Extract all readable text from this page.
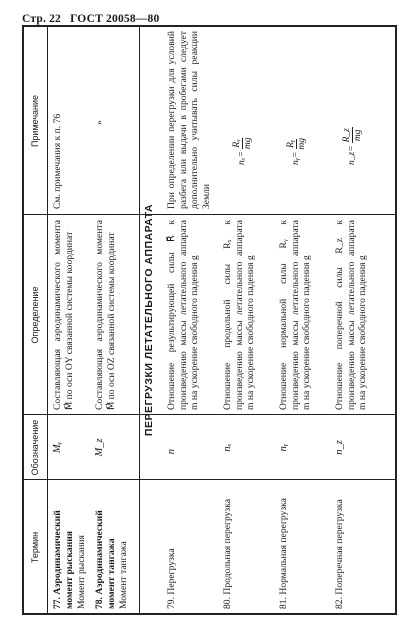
Стр. 22 ГОСТ 20058—80
Термин
Обозначение
Определение
Примечание
77. Аэродинамический момент рыскания Момент рыскания
Mᵧ
Составляющая аэродинамического момента M⃗ по оси OY связанной системы координат
См. примечания к п. 76
78. Аэродинамический момент тангажа Момент тангажа
M_z
Составляющая аэродинамического момента M⃗ по оси OZ связанной системы координат
»
ПЕРЕГРУЗКИ ЛЕТАТЕЛЬНОГО АППАРАТА
79. Перегрузка
n⃗
Отношение результирующей силы R⃗ к произведению массы летательного аппарата m на ускорение свободного падения g
При определении перегрузки для условий разбега или выдачи в пробегами следует дополнительно учитывать силы реакции Земли
80. Продольная перегрузка
nₓ
Отношение продольной силы Rₓ к произведению массы летательного аппарата m на ускорение свободного падения g
nₓ=
Rₓ mg
81. Нормальная перегрузка
nᵧ
Отношение нормальной силы Rᵧ к произведению массы летательного аппарата m на ускорение свободного падения g
nᵧ=
Rᵧ mg
82. Поперечная перегрузка
n_z
Отношение поперечной силы R_z к произведению массы летательного аппарата m на ускорение свободного падения g
n_z=
R_z mg
